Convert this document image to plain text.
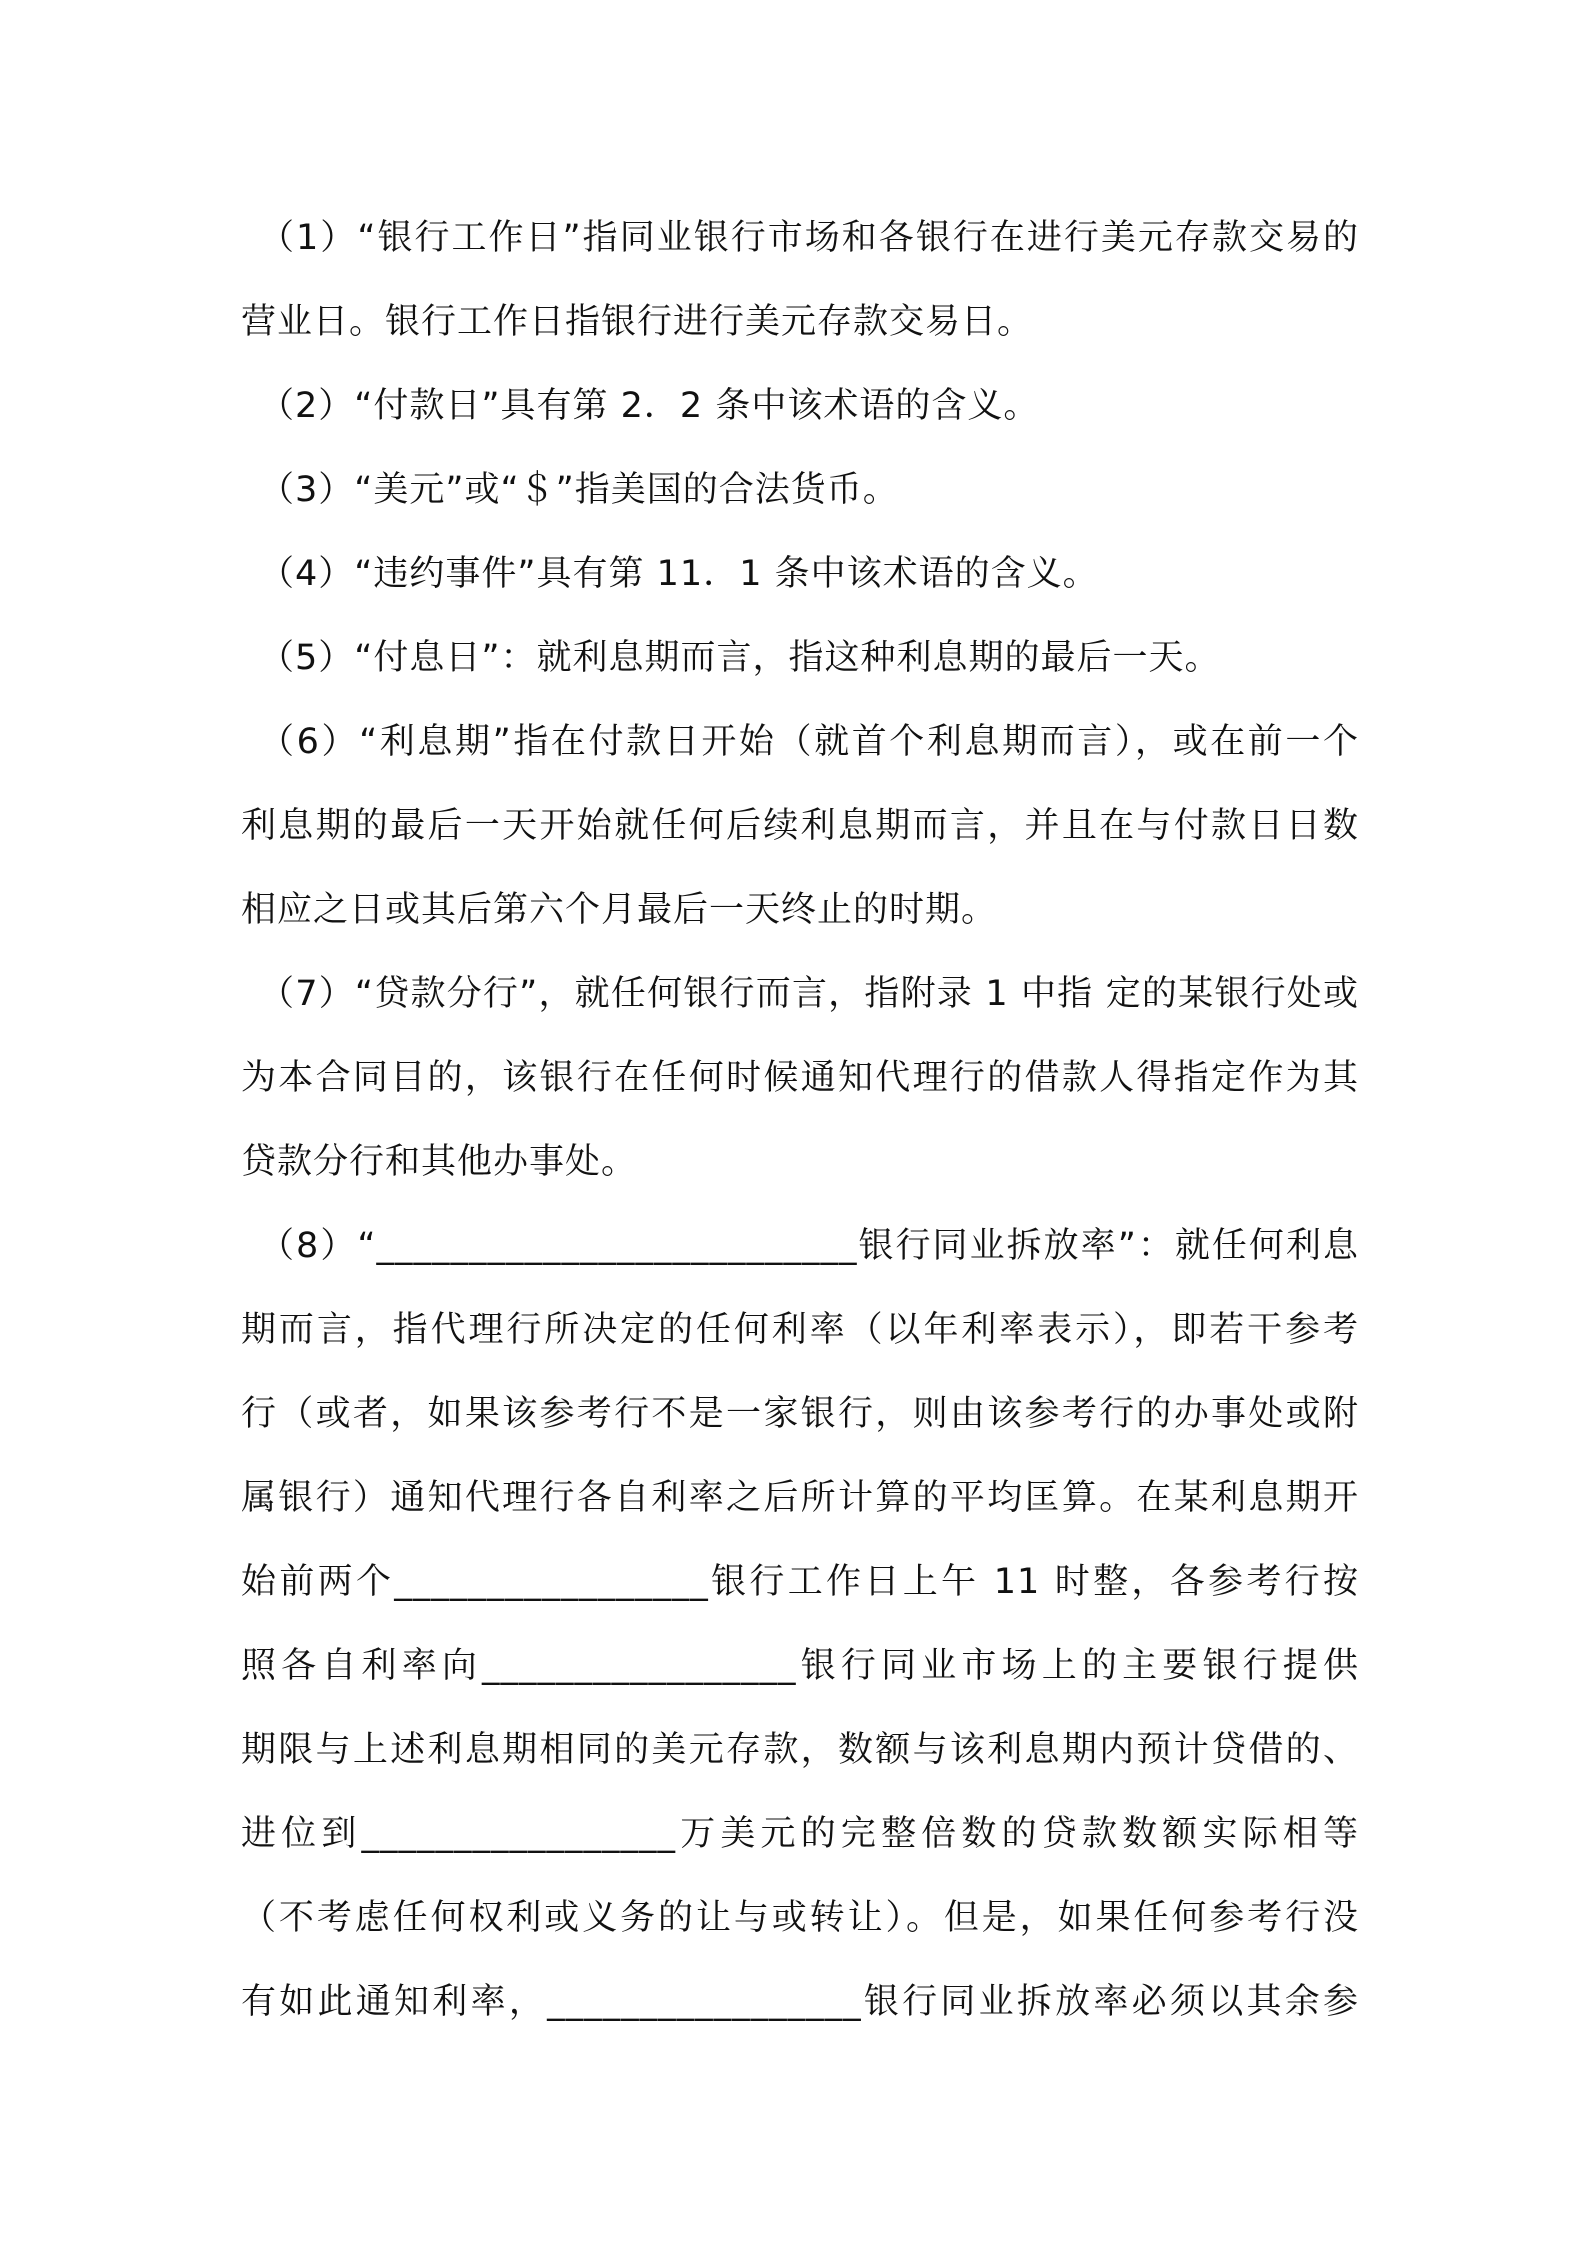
（1）“银行工作日”指同业银行市场和各银行在进行美元存款交易的
营业日。银行工作日指银行进行美元存款交易日。
（2）“付款日”具有第 2．2 条中该术语的含义。
（3）“美元”或“＄”指美国的合法货币。
（4）“违约事件”具有第 11．1 条中该术语的含义。
（5）“付息日”：就利息期而言，指这种利息期的最后一天。
（6）“利息期”指在付款日开始（就首个利息期而言），或在前一个
利息期的最后一天开始就任何后续利息期而言，并且在与付款日日数
相应之日或其后第六个月最后一天终止的时期。
（7）“贷款分行”，就任何银行而言，指附录 1 中指 定的某银行处或
为本合同目的，该银行在任何时候通知代理行的借款人得指定作为其
贷款分行和其他办事处。
（8）“__________________________银行同业拆放率”：就任何利息
期而言，指代理行所决定的任何利率（以年利率表示），即若干参考
行（或者，如果该参考行不是一家银行，则由该参考行的办事处或附
属银行）通知代理行各自利率之后所计算的平均匡算。在某利息期开
始前两个_________________银行工作日上午 11 时整，各参考行按
照各自利率向_________________银行同业市场上的主要银行提供
期限与上述利息期相同的美元存款，数额与该利息期内预计贷借的、
进位到_________________万美元的完整倍数的贷款数额实际相等
（不考虑任何权利或义务的让与或转让）。但是，如果任何参考行没
有如此通知利率，_________________银行同业拆放率必须以其余参
